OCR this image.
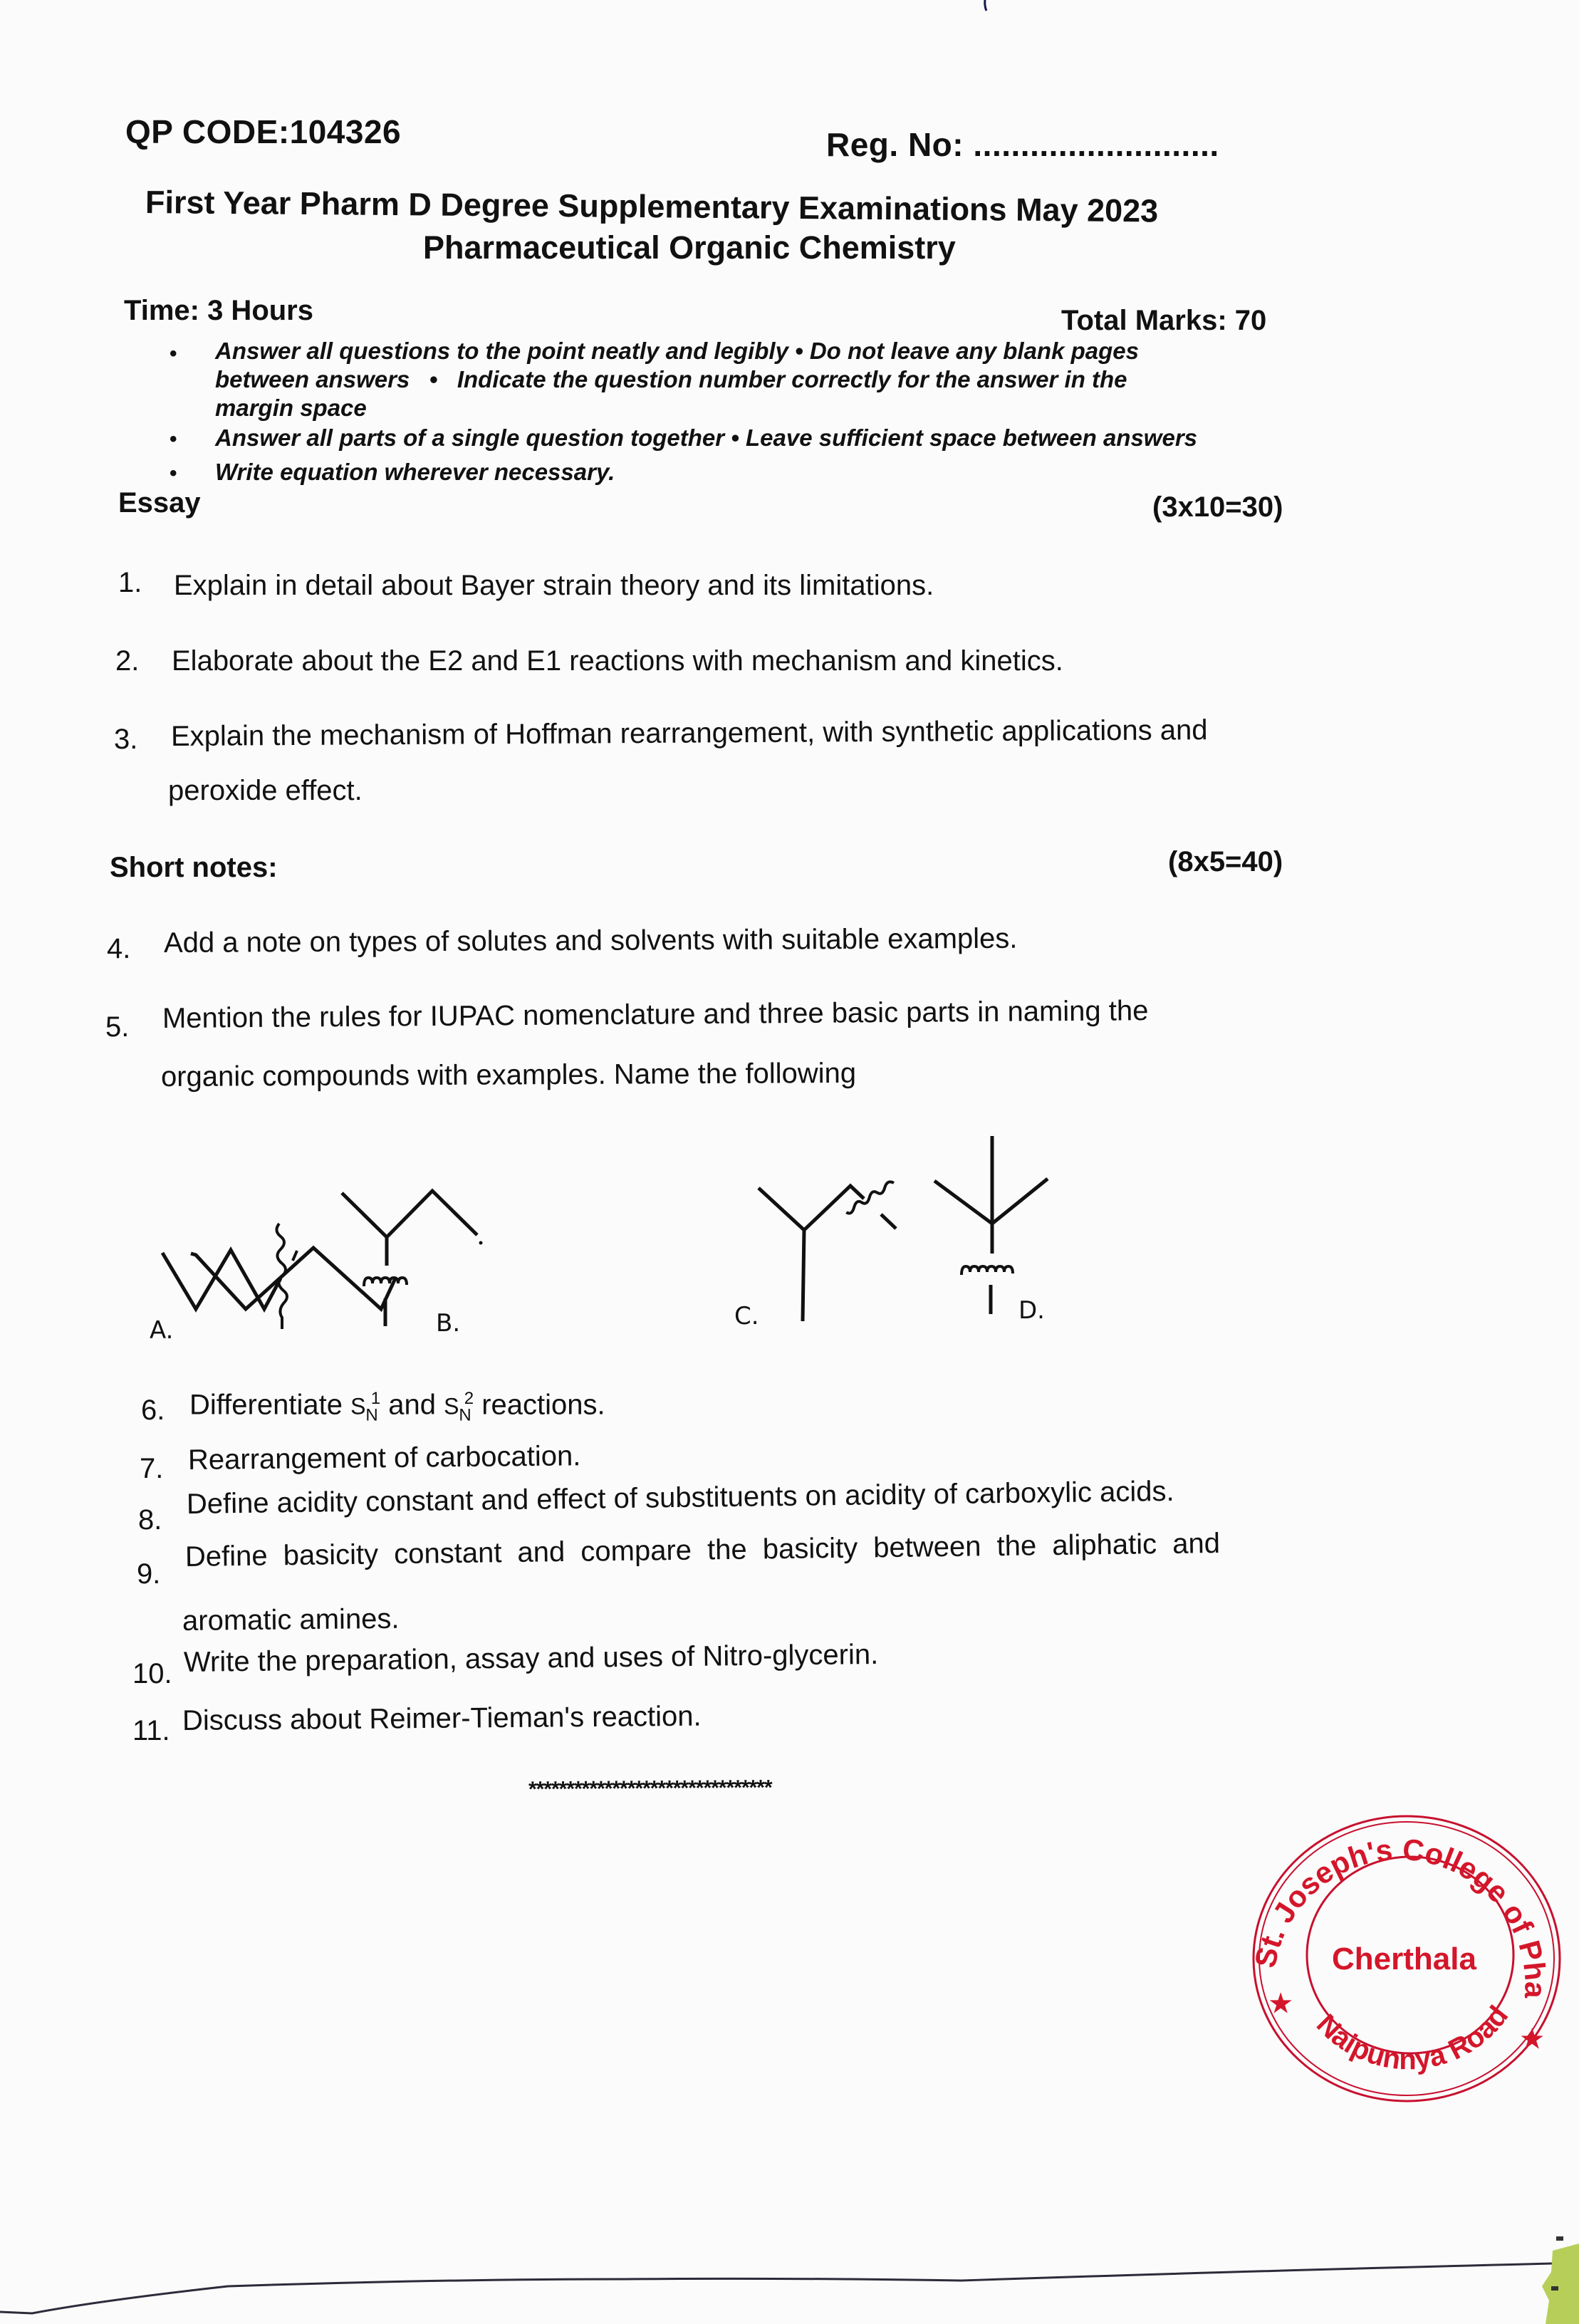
QP CODE:104326	Reg. No: ..........................
First Year Pharm D Degree Supplementary Examinations May 2023
Pharmaceutical Organic Chemistry
Time: 3 Hours	Total Marks: 70
• Answer all questions to the point neatly and legibly • Do not leave any blank pages
between answers   •   Indicate the question number correctly for the answer in the
margin space
• Answer all parts of a single question together • Leave sufficient space between answers
• Write equation wherever necessary.
Essay	(3x10=30)
1. Explain in detail about Bayer strain theory and its limitations.
2. Elaborate about the E2 and E1 reactions with mechanism and kinetics.
3. Explain the mechanism of Hoffman rearrangement, with synthetic applications and
peroxide effect.
Short notes:	(8x5=40)
4. Add a note on types of solutes and solvents with suitable examples.
5. Mention the rules for IUPAC nomenclature and three basic parts in naming the
organic compounds with examples. Name the following
A.	B.	C.	D.
6. Differentiate $S_N^1$ and $S_N^2$ reactions.
7. Rearrangement of carbocation.
8.
Define acidity constant and effect of substituents on acidity of carboxylic acids.
9.
Define basicity constant and compare the basicity between the aliphatic and
aromatic amines.
10. Write the preparation, assay and uses of Nitro-glycerin.
11. Discuss about Reimer-Tieman's reaction.
********************************
St. Joseph's College of Pharmacy
Naipunnya Road
Cherthala
★
★
